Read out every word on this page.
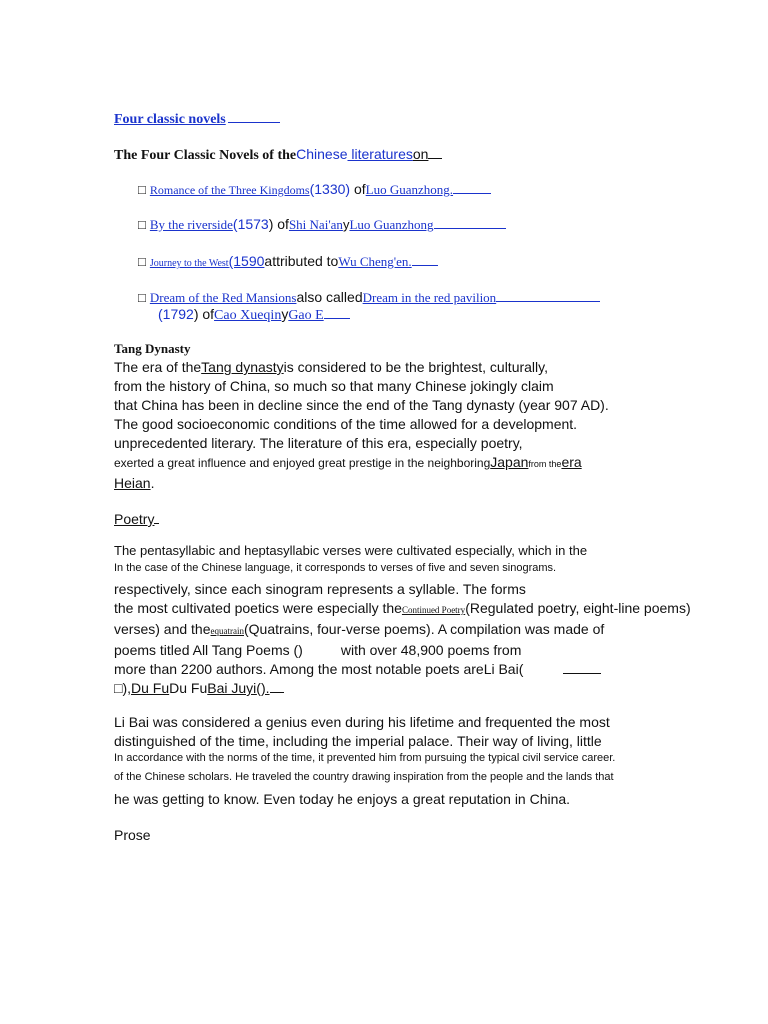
Four classic novels
The Four Classic Novels of theChinese literatureson
□ Romance of the Three Kingdoms(1330) ofLuo Guanzhong.
□ By the riverside(1573) ofShi Nai'anyLuo Guanzhong
□ Journey to the West(1590attributed toWu Cheng'en.
□ Dream of the Red Mansionsalso calledDream in the red pavilion
(1792) ofCao XueqinyGao E
Tang Dynasty
The era of theTang dynastyis considered to be the brightest, culturally,
from the history of China, so much so that many Chinese jokingly claim
that China has been in decline since the end of the Tang dynasty (year 907 AD).
The good socioeconomic conditions of the time allowed for a development.
unprecedented literary. The literature of this era, especially poetry,
exerted a great influence and enjoyed great prestige in the neighboringJapanfrom theera
Heian.
Poetry
The pentasyllabic and heptasyllabic verses were cultivated especially, which in the
In the case of the Chinese language, it corresponds to verses of five and seven sinograms.
respectively, since each sinogram represents a syllable. The forms
the most cultivated poetics were especially theContinued Poetry(Regulated poetry, eight-line poems)
verses) and theequatrain(Quatrains, four-verse poems). A compilation was made of
poems titled All Tang Poems ()	with over 48,900 poems from
more than 2200 authors. Among the most notable poets areLi Bai(
□),Du FuDu FuBai Juyi().
Li Bai was considered a genius even during his lifetime and frequented the most
distinguished of the time, including the imperial palace. Their way of living, little
In accordance with the norms of the time, it prevented him from pursuing the typical civil service career.
of the Chinese scholars. He traveled the country drawing inspiration from the people and the lands that
he was getting to know. Even today he enjoys a great reputation in China.
Prose
